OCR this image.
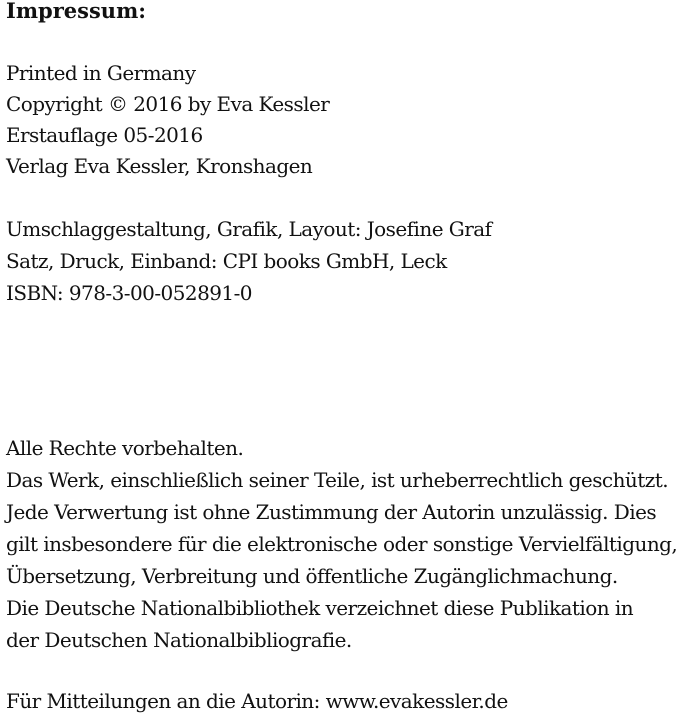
Impressum:

Printed in Germany

Copyright © 2016 by Eva Kessler

Erstauflage 05-2016

Verlag Eva Kessler, Kronshagen

Umschlaggestaltung, Grafik, Layout: Josefine Graf

Satz, Druck, Einband: CPI books GmbH, Leck

ISBN: 978-3-00-052891-0

Alle Rechte vorbehalten.

Das Werk, einschließlich seiner Teile, ist urheberrechtlich geschützt.

Jede Verwertung ist ohne Zustimmung der Autorin unzulässig. Dies

gilt insbesondere für die elektronische oder sonstige Vervielfältigung,

Übersetzung, Verbreitung und öffentliche Zugänglichmachung.

Die Deutsche Nationalbibliothek verzeichnet diese Publikation in

der Deutschen Nationalbibliografie.

Für Mitteilungen an die Autorin: www.evakessler.de
